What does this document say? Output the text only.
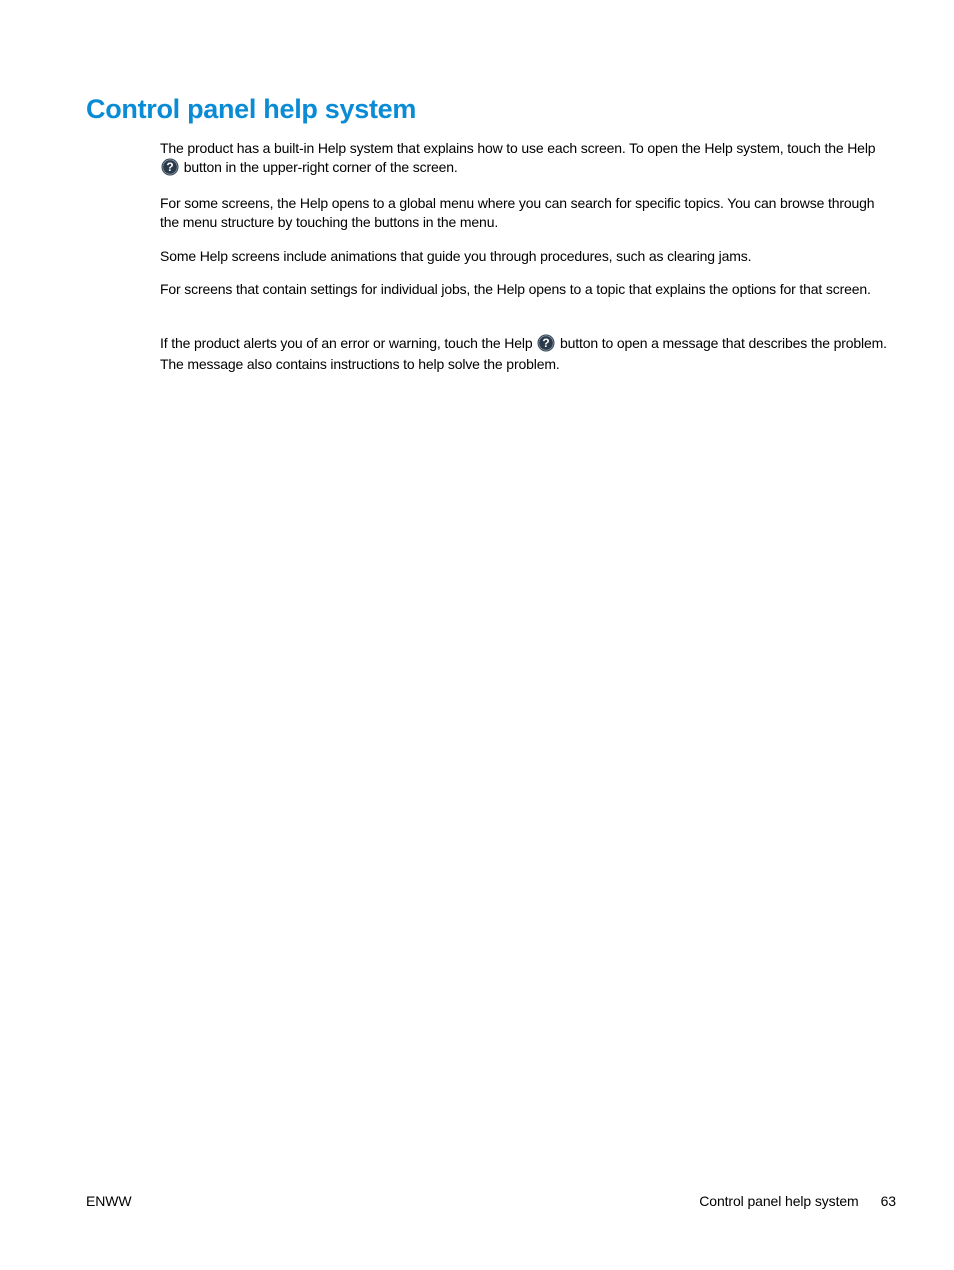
Control panel help system

The product has a built-in Help system that explains how to use each screen. To open the Help system, touch the Help
? button in the upper-right corner of the screen.

For some screens, the Help opens to a global menu where you can search for specific topics. You can browse through the menu structure by touching the buttons in the menu.

Some Help screens include animations that guide you through procedures, such as clearing jams.

For screens that contain settings for individual jobs, the Help opens to a topic that explains the options for that screen.

If the product alerts you of an error or warning, touch the Help ? button to open a message that describes the problem. The message also contains instructions to help solve the problem.

ENWW	Control panel help system 63
